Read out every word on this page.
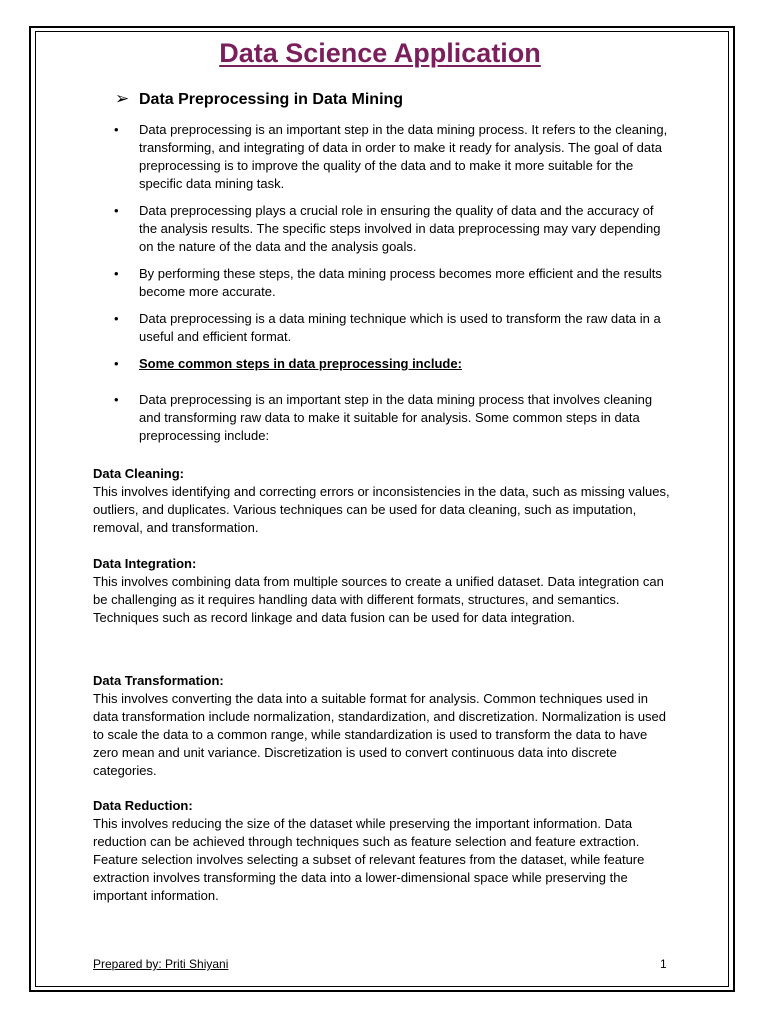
Data Science Application
➢ Data Preprocessing in Data Mining
• Data preprocessing is an important step in the data mining process. It refers to the cleaning, transforming, and integrating of data in order to make it ready for analysis. The goal of data preprocessing is to improve the quality of the data and to make it more suitable for the specific data mining task.
• Data preprocessing plays a crucial role in ensuring the quality of data and the accuracy of the analysis results. The specific steps involved in data preprocessing may vary depending on the nature of the data and the analysis goals.
• By performing these steps, the data mining process becomes more efficient and the results become more accurate.
• Data preprocessing is a data mining technique which is used to transform the raw data in a useful and efficient format.
• Some common steps in data preprocessing include:
• Data preprocessing is an important step in the data mining process that involves cleaning and transforming raw data to make it suitable for analysis. Some common steps in data preprocessing include:
Data Cleaning:
This involves identifying and correcting errors or inconsistencies in the data, such as missing values, outliers, and duplicates. Various techniques can be used for data cleaning, such as imputation, removal, and transformation.
Data Integration:
This involves combining data from multiple sources to create a unified dataset. Data integration can be challenging as it requires handling data with different formats, structures, and semantics. Techniques such as record linkage and data fusion can be used for data integration.
Data Transformation:
This involves converting the data into a suitable format for analysis. Common techniques used in data transformation include normalization, standardization, and discretization. Normalization is used to scale the data to a common range, while standardization is used to transform the data to have zero mean and unit variance. Discretization is used to convert continuous data into discrete categories.
Data Reduction:
This involves reducing the size of the dataset while preserving the important information. Data reduction can be achieved through techniques such as feature selection and feature extraction. Feature selection involves selecting a subset of relevant features from the dataset, while feature extraction involves transforming the data into a lower-dimensional space while preserving the important information.
Prepared by: Priti Shiyani	1
